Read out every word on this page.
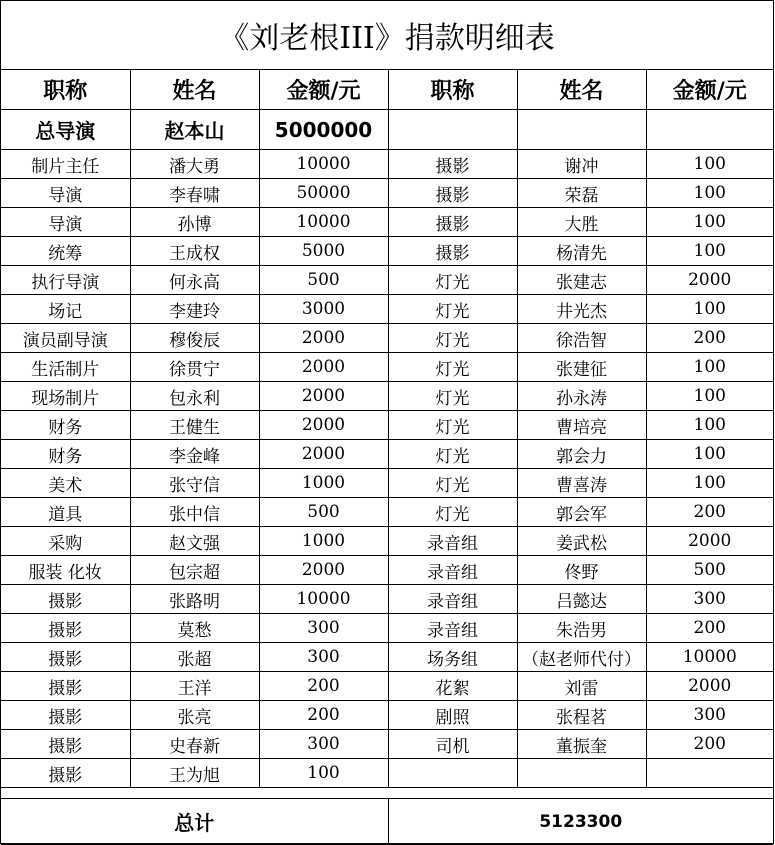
《刘老根III》捐款明细表
职称	姓名	金额/元	职称	姓名	金额/元
总导演	赵本山	5000000			
制片主任	潘大勇	10000	摄影	谢冲	100
导演	李春啸	50000	摄影	荣磊	100
导演	孙博	10000	摄影	大胜	100
统筹	王成权	5000	摄影	杨清先	100
执行导演	何永高	500	灯光	张建志	2000
场记	李建玲	3000	灯光	井光杰	100
演员副导演	穆俊辰	2000	灯光	徐浩智	200
生活制片	徐贯宁	2000	灯光	张建征	100
现场制片	包永利	2000	灯光	孙永涛	100
财务	王健生	2000	灯光	曹培亮	100
财务	李金峰	2000	灯光	郭会力	100
美术	张守信	1000	灯光	曹喜涛	100
道具	张中信	500	灯光	郭会军	200
采购	赵文强	1000	录音组	姜武松	2000
服装 化妆	包宗超	2000	录音组	佟野	500
摄影	张路明	10000	录音组	吕懿达	300
摄影	莫愁	300	录音组	朱浩男	200
摄影	张超	300	场务组	（赵老师代付）	10000
摄影	王洋	200	花絮	刘雷	2000
摄影	张亮	200	剧照	张程茗	300
摄影	史春新	300	司机	董振奎	200
摄影	王为旭	100			

总计			5123300		
